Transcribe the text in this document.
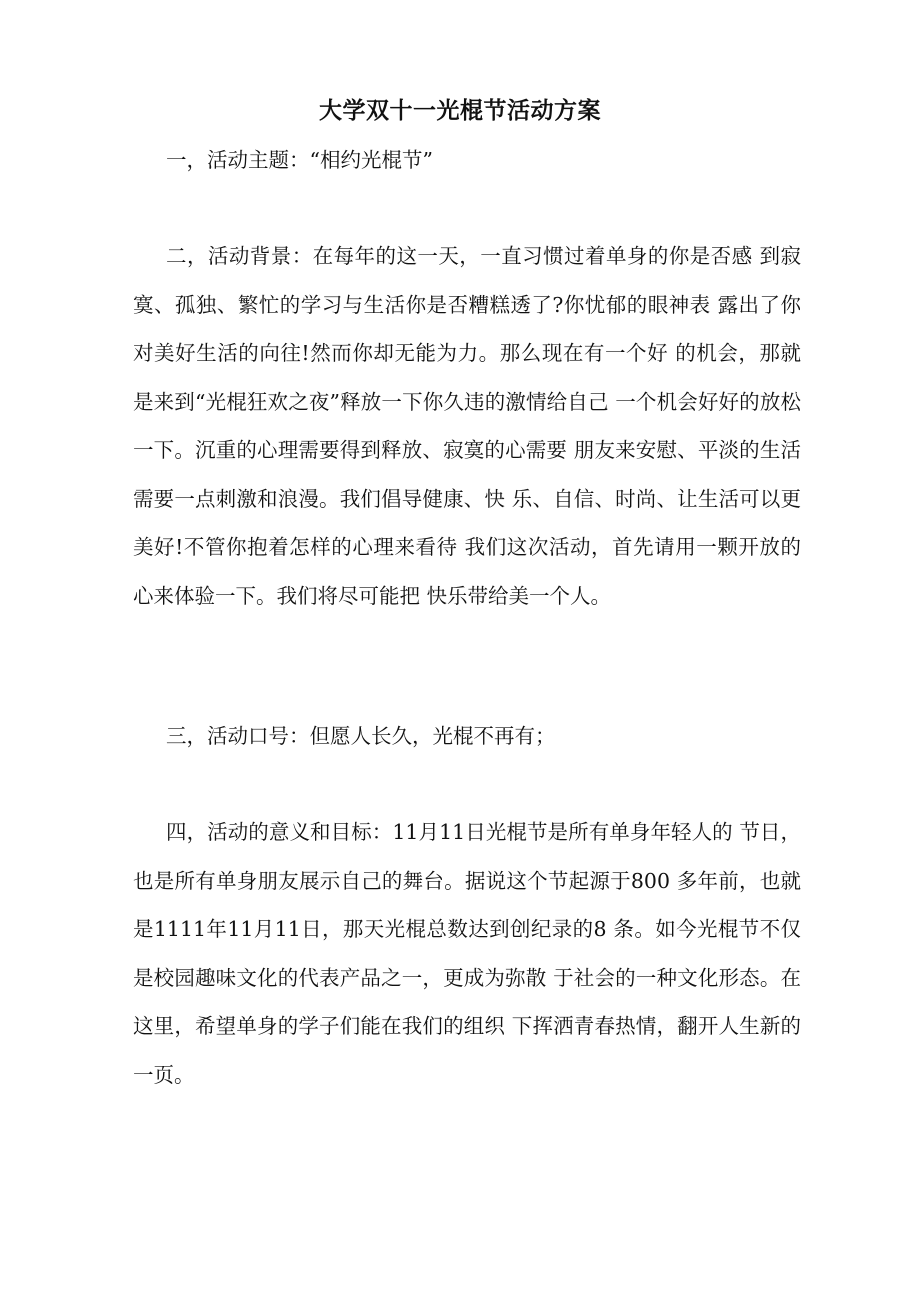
大学双十一光棍节活动方案

一，活动主题：“相约光棍节”

二，活动背景：在每年的这一天，一直习惯过着单身的你是否感 到寂寞、孤独、繁忙的学习与生活你是否糟糕透了?你忧郁的眼神表 露出了你对美好生活的向往!然而你却无能为力。那么现在有一个好 的机会，那就是来到“光棍狂欢之夜”释放一下你久违的激情给自己 一个机会好好的放松一下。沉重的心理需要得到释放、寂寞的心需要 朋友来安慰、平淡的生活需要一点刺激和浪漫。我们倡导健康、快 乐、自信、时尚、让生活可以更美好!不管你抱着怎样的心理来看待 我们这次活动，首先请用一颗开放的心来体验一下。我们将尽可能把 快乐带给美一个人。

三，活动口号：但愿人长久，光棍不再有；

四，活动的意义和目标：11月11日光棍节是所有单身年轻人的 节日，也是所有单身朋友展示自己的舞台。据说这个节起源于800 多年前，也就是1111年11月11日，那天光棍总数达到创纪录的8 条。如今光棍节不仅是校园趣味文化的代表产品之一，更成为弥散 于社会的一种文化形态。在这里，希望单身的学子们能在我们的组织 下挥洒青春热情，翻开人生新的一页。
